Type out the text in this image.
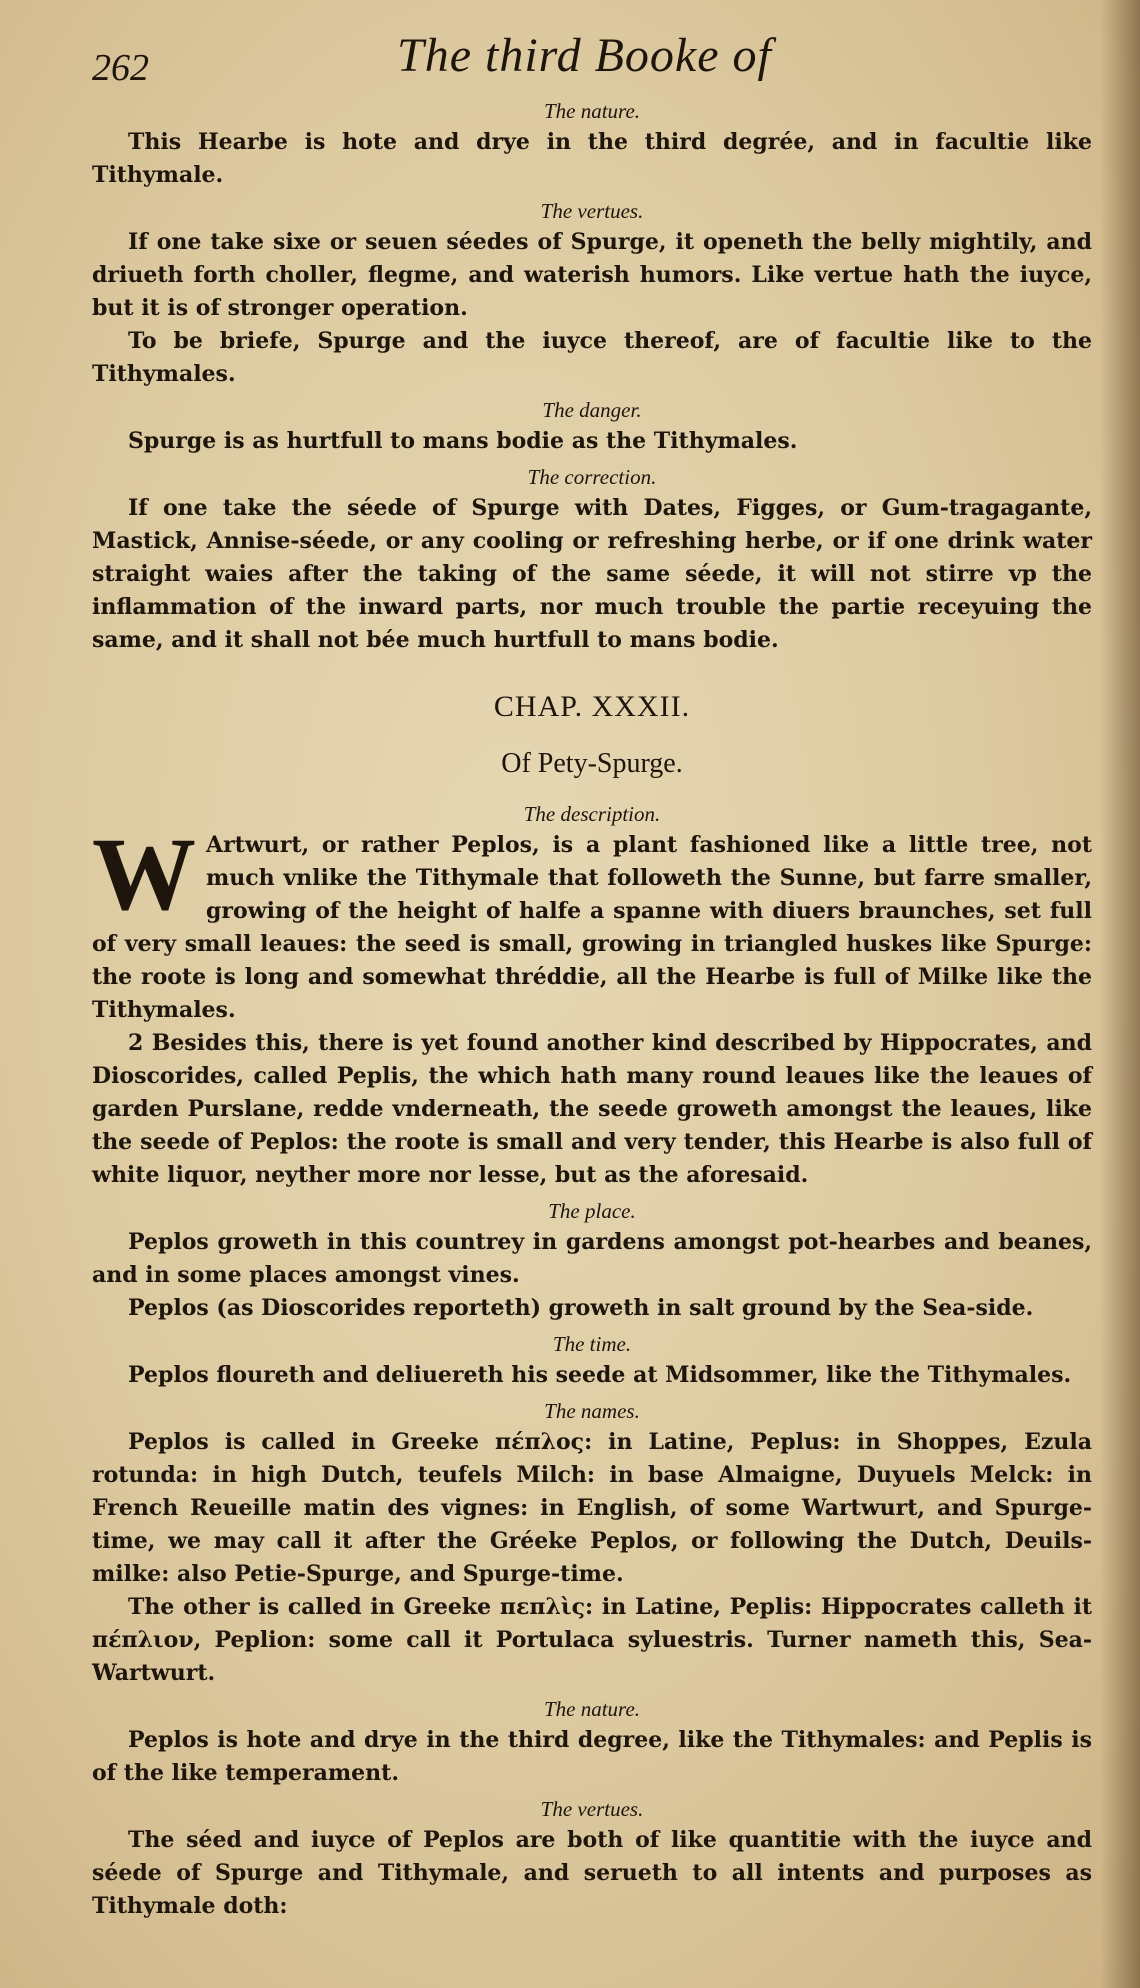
262	The third Booke of
The nature.

This Hearbe is hote and drye in the third degrée, and in facultie like Tithymale.

The vertues.

If one take sixe or seuen séedes of Spurge, it openeth the belly mightily, and driueth forth choller, flegme, and waterish humors. Like vertue hath the iuyce, but it is of stronger operation.

To be briefe, Spurge and the iuyce thereof, are of facultie like to the Tithymales.

The danger.

Spurge is as hurtfull to mans bodie as the Tithymales.

The correction.

If one take the séede of Spurge with Dates, Figges, or Gum-tragagante, Mastick, Annise-séede, or any cooling or refreshing herbe, or if one drink water straight waies after the taking of the same séede, it will not stirre vp the inflammation of the inward parts, nor much trouble the partie receyuing the same, and it shall not bée much hurtfull to mans bodie.

CHAP. XXXII.
Of Pety-Spurge.
The description.

W Artwurt, or rather Peplos, is a plant fashioned like a little tree, not much vnlike the Tithymale that followeth the Sunne, but farre smaller, growing of the height of halfe a spanne with diuers braunches, set full of very small leaues: the seed is small, growing in triangled huskes like Spurge: the roote is long and somewhat thréddie, all the Hearbe is full of Milke like the Tithymales.

2 Besides this, there is yet found another kind described by Hippocrates, and Dioscorides, called Peplis, the which hath many round leaues like the leaues of garden Purslane, redde vnderneath, the seede groweth amongst the leaues, like the seede of Peplos: the roote is small and very tender, this Hearbe is also full of white liquor, neyther more nor lesse, but as the aforesaid.

The place.

Peplos groweth in this countrey in gardens amongst pot-hearbes and beanes, and in some places amongst vines.

Peplos (as Dioscorides reporteth) groweth in salt ground by the Sea-side.

The time.

Peplos floureth and deliuereth his seede at Midsommer, like the Tithymales.

The names.

Peplos is called in Greeke πέπλος: in Latine, Peplus: in Shoppes, Ezula rotunda: in high Dutch, teufels Milch: in base Almaigne, Duyuels Melck: in French Reueille matin des vignes: in English, of some Wartwurt, and Spurge-time, we may call it after the Gréeke Peplos, or following the Dutch, Deuils-milke: also Petie-Spurge, and Spurge-time.

The other is called in Greeke πεπλὶς: in Latine, Peplis: Hippocrates calleth it πέπλιον, Peplion: some call it Portulaca syluestris. Turner nameth this, Sea-Wartwurt.

The nature.

Peplos is hote and drye in the third degree, like the Tithymales: and Peplis is of the like temperament.

The vertues.

The séed and iuyce of Peplos are both of like quantitie with the iuyce and séede of Spurge and Tithymale, and serueth to all intents and purposes as Tithymale doth:
